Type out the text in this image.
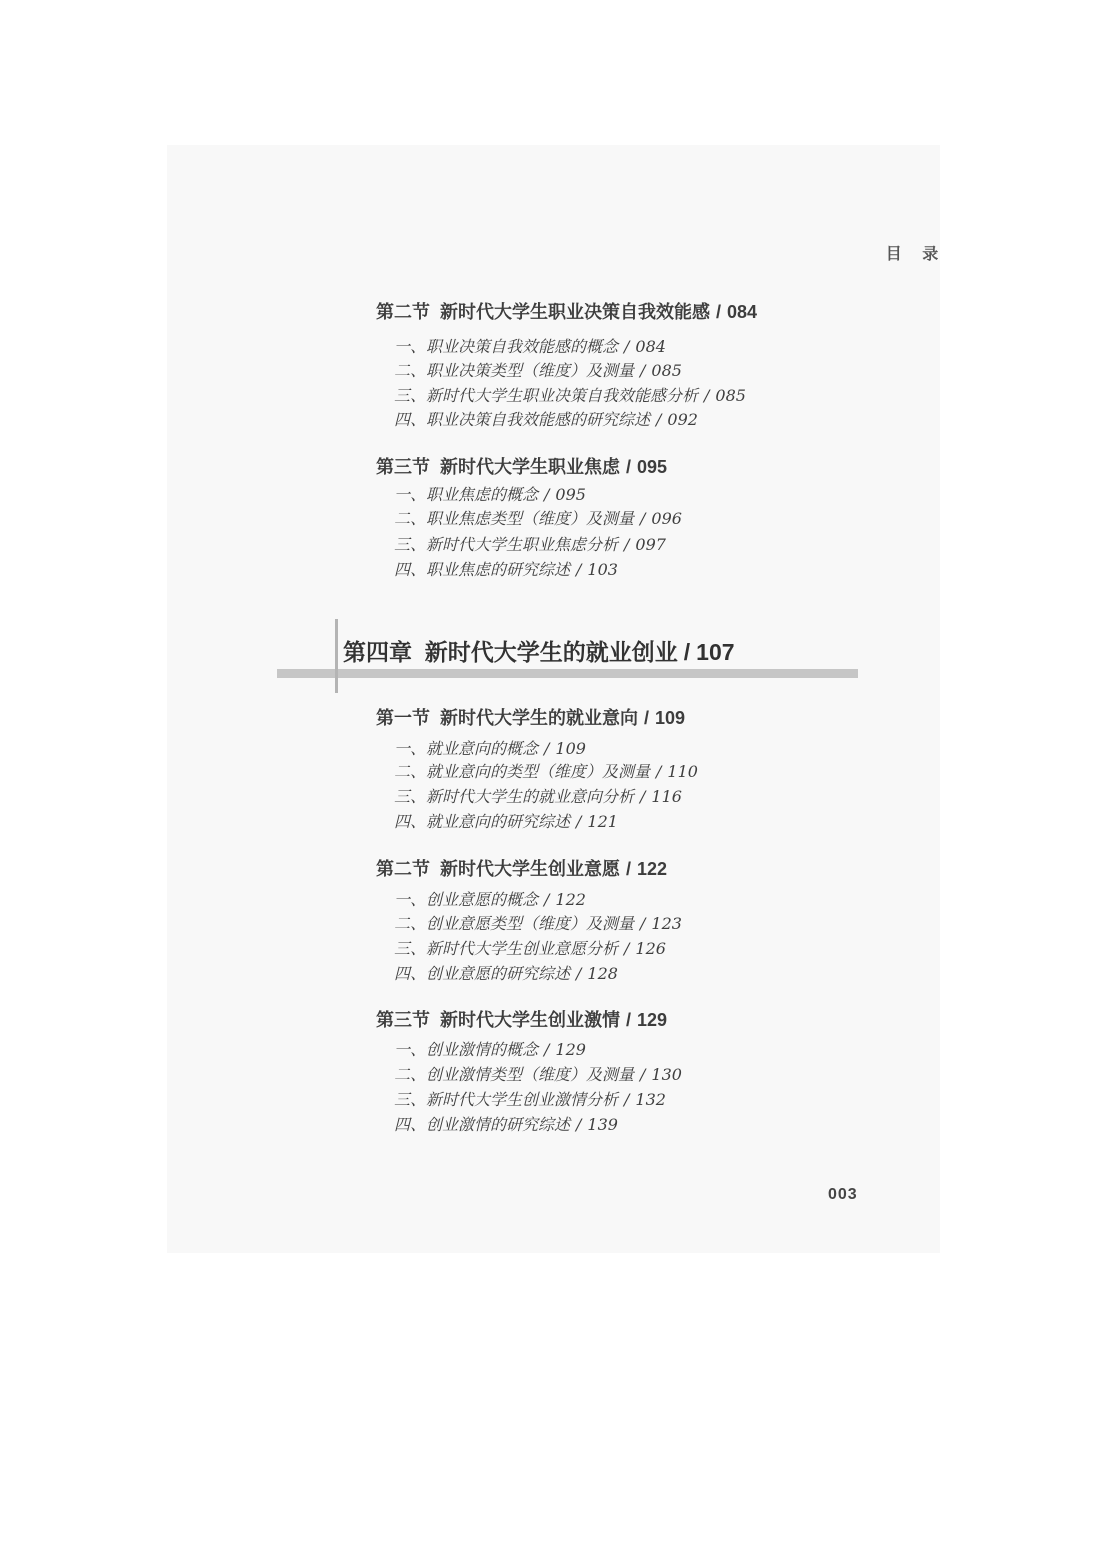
目 录

第二节  新时代大学生职业决策自我效能感 / 084
一、职业决策自我效能感的概念 / 084
二、职业决策类型（维度）及测量 / 085
三、新时代大学生职业决策自我效能感分析 / 085
四、职业决策自我效能感的研究综述 / 092
第三节  新时代大学生职业焦虑 / 095
一、职业焦虑的概念 / 095
二、职业焦虑类型（维度）及测量 / 096
三、新时代大学生职业焦虑分析 / 097
四、职业焦虑的研究综述 / 103
第四章  新时代大学生的就业创业 / 107
第一节  新时代大学生的就业意向 / 109
一、就业意向的概念 / 109
二、就业意向的类型（维度）及测量 / 110
三、新时代大学生的就业意向分析 / 116
四、就业意向的研究综述 / 121
第二节  新时代大学生创业意愿 / 122
一、创业意愿的概念 / 122
二、创业意愿类型（维度）及测量 / 123
三、新时代大学生创业意愿分析 / 126
四、创业意愿的研究综述 / 128
第三节  新时代大学生创业激情 / 129
一、创业激情的概念 / 129
二、创业激情类型（维度）及测量 / 130
三、新时代大学生创业激情分析 / 132
四、创业激情的研究综述 / 139
003
